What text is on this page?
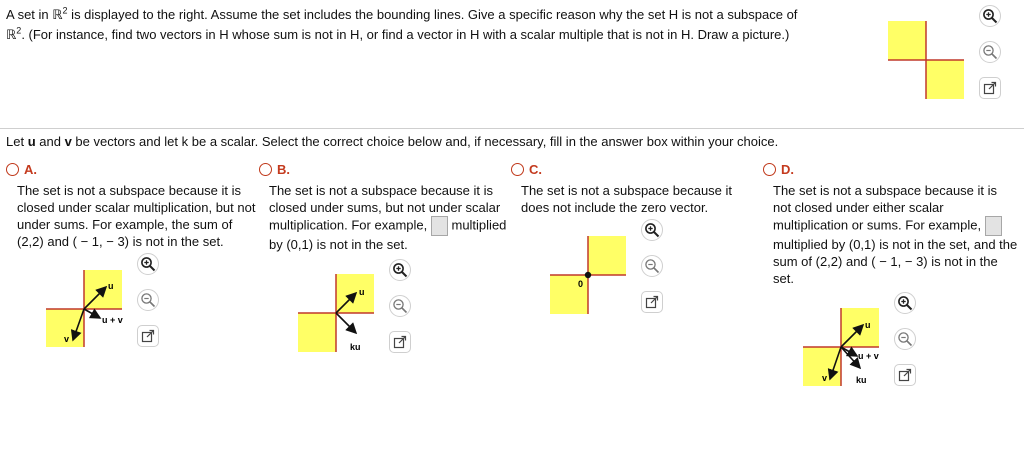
A set in ℝ$^2$ is displayed to the right. Assume the set includes the bounding lines. Give a specific reason why the set H is not a subspace of
ℝ$^2$. (For instance, find two vectors in H whose sum is not in H, or find a vector in H with a scalar multiple that is not in H. Draw a picture.)
Let u and v be vectors and let k be a scalar. Select the correct choice below and, if necessary, fill in the answer box within your choice.
A.
The set is not a subspace because it is closed under scalar multiplication, but not under sums. For example, the sum of (2,2) and ( − 1, − 3) is not in the set.
u
u + v
v
B.
The set is not a subspace because it is closed under sums, but not under scalar multiplication. For example, multiplied by (0,1) is not in the set.
u
ku
C.
The set is not a subspace because it does not include the zero vector.
0
D.
The set is not a subspace because it is not closed under either scalar multiplication or sums. For example,  multiplied by (0,1) is not in the set, and the sum of (2,2) and ( − 1, − 3) is not in the set.
u
u + v
v	ku
